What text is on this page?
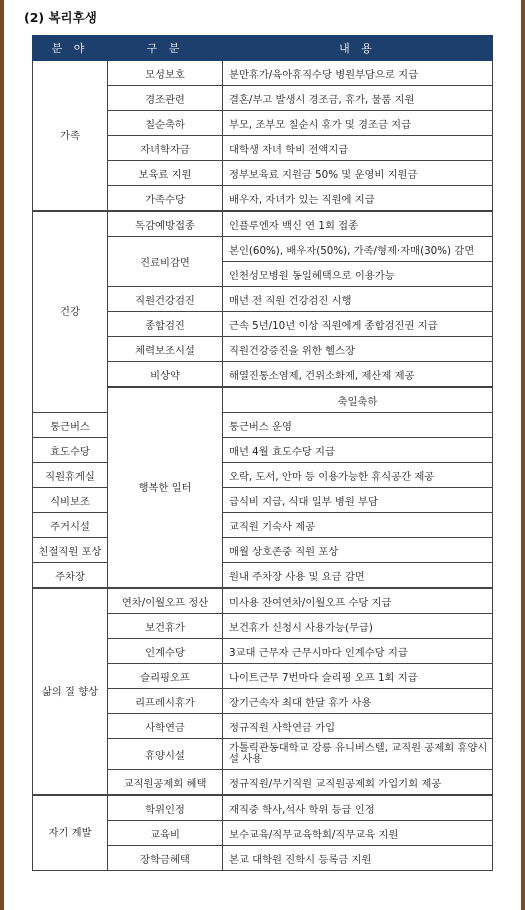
(2) 복리후생
분 야	구 분	내 용	
가족	모성보호	분만휴가/육아휴직수당 병원부담으로 지급	
	경조관련	결혼/부고 발생시 경조금, 휴가, 물품 지원	
	칠순축하	부모, 조부모 칠순시 휴가 및 경조금 지급	
	자녀학자금	대학생 자녀 학비 전액지급	
	보육료 지원	정부보육료 지원금 50% 및 운영비 지원금	
	가족수당	배우자, 자녀가 있는 직원에 지급	
건강	독감예방접종	인플루엔자 백신 연 1회 접종	
	진료비감면	본인(60%), 배우자(50%), 가족/형제·자매(30%) 감면	
		인천성모병원 동일혜택으로 이용가능	
	직원건강검진	매년 전 직원 건강검진 시행	
	종합검진	근속 5년/10년 이상 직원에게 종합검진권 지급	
	체력보조시설	직원건강증진을 위한 헬스장	
	비상약	해열진통소염제, 건위소화제, 제산제 제공	
	행복한 일터	축일축하	
통근버스		통근버스 운영	
효도수당		매년 4월 효도수당 지급	
직원휴게실		오락, 도서, 안마 등 이용가능한 휴식공간 제공	
식비보조		급식비 지급, 식대 일부 병원 부담	
주거시설		교직원 기숙사 제공	
친절직원 포상		매월 상호존중 직원 포상	
주차장		원내 주차장 사용 및 요금 감면	
삶의 질 향상	연차/이월오프 정산	미사용 잔여연차/이월오프 수당 지급	
	보건휴가	보건휴가 신청시 사용가능(무급)	
	인계수당	3교대 근무자 근무시마다 인계수당 지급	
	슬리핑오프	나이트근무 7번마다 슬리핑 오프 1회 지급	
	리프레시휴가	장기근속자 최대 한달 휴가 사용	
	사학연금	정규직원 사학연금 가입	
	휴양시설	가톨릭관동대학교 강릉 유니버스텔, 교직원 공제회 휴양시설 사용	
	교직원공제회 혜택	정규직원/무기직원 교직원공제회 가입기회 제공	
자기 계발	학위인정	재직중 학사,석사 학위 등급 인정	
	교육비	보수교육/직무교육학회/직무교육 지원	
	장학금혜택	본교 대학원 진학시 등록금 지원	
